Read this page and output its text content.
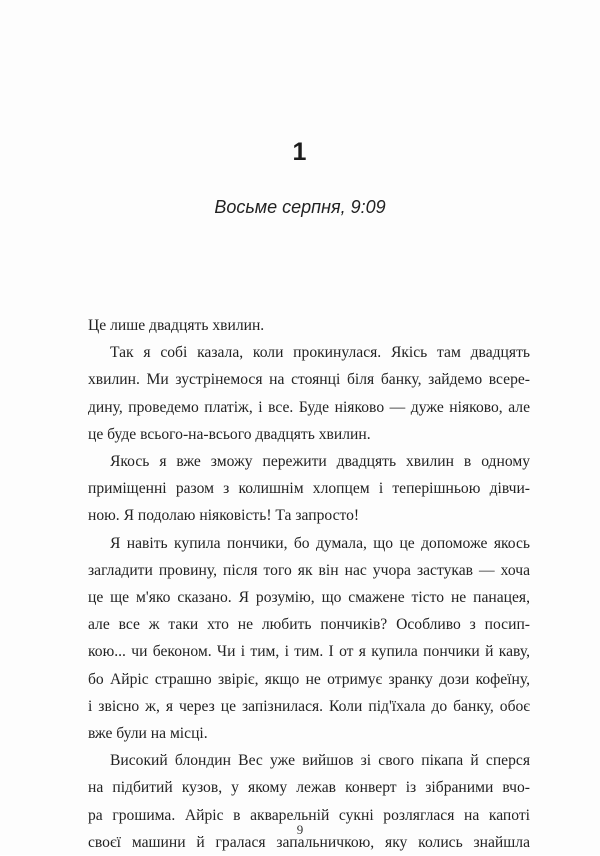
1
Восьме серпня, 9:09

Це лише двадцять хвилин.

Так я собі казала, коли прокинулася. Якісь там двадцять

хвилин. Ми зустрінемося на стоянці біля банку, зайдемо всере-

дину, проведемо платіж, і все. Буде ніяково — дуже ніяково, але

це буде всього-на-всього двадцять хвилин.

Якось я вже зможу пережити двадцять хвилин в одному

приміщенні разом з колишнім хлопцем і теперішньою дівчи-

ною. Я подолаю ніяковість! Та запросто!

Я навіть купила пончики, бо думала, що це допоможе якось

загладити провину, після того як він нас учора застукав — хоча

це ще м'яко сказано. Я розумію, що смажене тісто не панацея,

але все ж таки хто не любить пончиків? Особливо з посип-

кою... чи беконом. Чи і тим, і тим. І от я купила пончики й каву,

бо Айріс страшно звіріє, якщо не отримує зранку дози кофеїну,

і звісно ж, я через це запізнилася. Коли під'їхала до банку, обоє

вже були на місці.

Високий блондин Вес уже вийшов зі свого пікапа й сперся

на підбитий кузов, у якому лежав конверт із зібраними вчо-

ра грошима. Айріс в акварельній сукні розляглася на капоті

своєї машини й гралася запальничкою, яку колись знайшла

9
